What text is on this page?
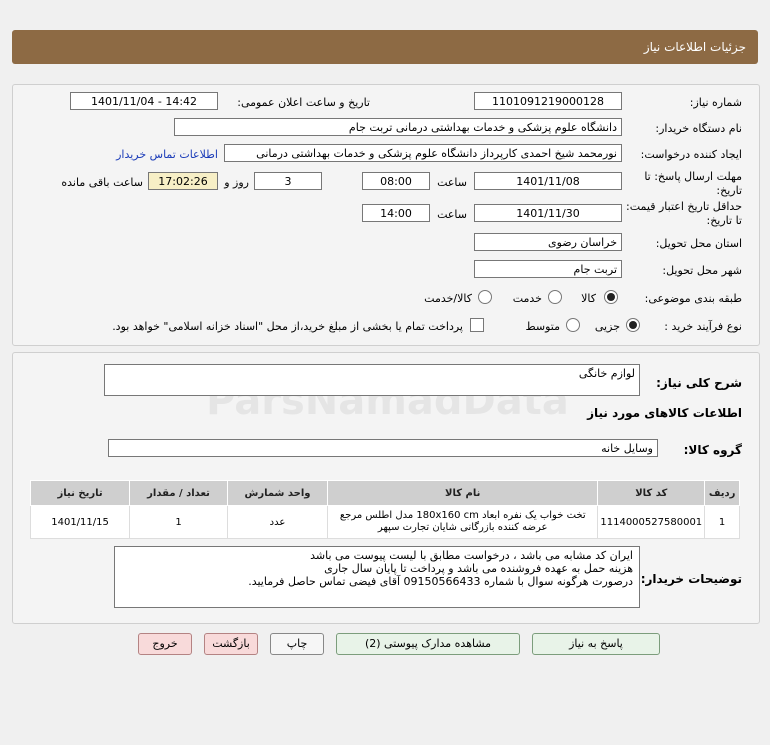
جزئیات اطلاعات نیاز
شماره نیاز:
1101091219000128
تاریخ و ساعت اعلان عمومی:
1401/11/04 - 14:42
نام دستگاه خریدار:
دانشگاه علوم پزشکی و خدمات بهداشتی درمانی تربت جام
ایجاد کننده درخواست:
نورمحمد شیخ احمدی کارپرداز دانشگاه علوم پزشکی و خدمات بهداشتی درمانی
اطلاعات تماس خریدار
مهلت ارسال پاسخ: تا تاریخ:
1401/11/08
ساعت
08:00
3
روز و
17:02:26
ساعت باقی مانده
حداقل تاریخ اعتبار قیمت: تا تاریخ:
1401/11/30
ساعت
14:00
استان محل تحویل:
خراسان رضوی
شهر محل تحویل:
تربت جام
طبقه بندی موضوعی:
کالا
خدمت
کالا/خدمت
نوع فرآیند خرید :
جزیی
متوسط
پرداخت تمام یا بخشی از مبلغ خرید،از محل "اسناد خزانه اسلامی" خواهد بود.
شرح کلی نیاز:
لوازم خانگی
اطلاعات کالاهای مورد نیاز
گروه کالا:
وسایل خانه
تاریخ نیاز	تعداد / مقدار	واحد شمارش	نام کالا	کد کالا	ردیف
1401/11/15	1	عدد	تخت خواب یک نفره ابعاد 180x160 cm مدل اطلس مرجع
عرضه کننده بازرگانی شایان تجارت سپهر	1114000527580001	1
توضیحات خریدار:
ایران کد مشابه می باشد ، درخواست مطابق با لیست پیوست می باشد
هزینه حمل به عهده فروشنده می باشد و پرداخت تا پایان سال جاری
درصورت هرگونه سوال با شماره 09150566433 آقای فیضی تماس حاصل فرمایید.
پاسخ به نیاز
مشاهده مدارک پیوستی (2)
چاپ
بازگشت
خروج
